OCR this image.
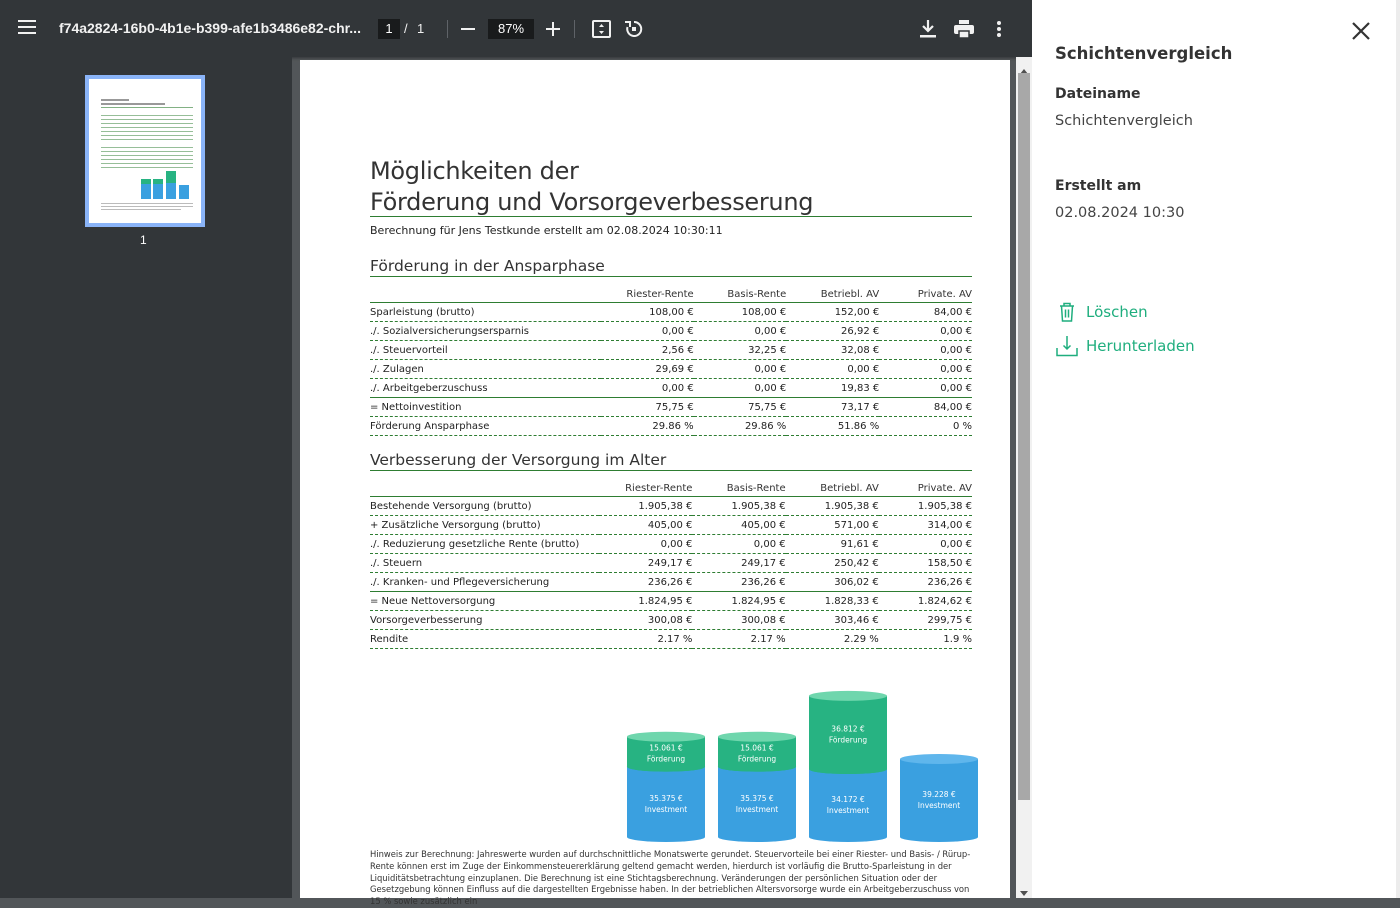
f74a2824-16b0-4b1e-b399-afe1b3486e82-chr...	1 / 1	87%
1
Möglichkeiten der
Förderung und Vorsorgeverbesserung
Berechnung für Jens Testkunde erstellt am 02.08.2024 10:30:11
Förderung in der Ansparphase
	Riester-Rente	Basis-Rente	Betriebl. AV	Private. AV
Sparleistung (brutto)	108,00 €	108,00 €	152,00 €	84,00 €
./. Sozialversicherungsersparnis	0,00 €	0,00 €	26,92 €	0,00 €
./. Steuervorteil	2,56 €	32,25 €	32,08 €	0,00 €
./. Zulagen	29,69 €	0,00 €	0,00 €	0,00 €
./. Arbeitgeberzuschuss	0,00 €	0,00 €	19,83 €	0,00 €
= Nettoinvestition	75,75 €	75,75 €	73,17 €	84,00 €
Förderung Ansparphase	29.86 %	29.86 %	51.86 %	0 %
Verbesserung der Versorgung im Alter
	Riester-Rente	Basis-Rente	Betriebl. AV	Private. AV
Bestehende Versorgung (brutto)	1.905,38 €	1.905,38 €	1.905,38 €	1.905,38 €
+ Zusätzliche Versorgung (brutto)	405,00 €	405,00 €	571,00 €	314,00 €
./. Reduzierung gesetzliche Rente (brutto)	0,00 €	0,00 €	91,61 €	0,00 €
./. Steuern	249,17 €	249,17 €	250,42 €	158,50 €
./. Kranken- und Pflegeversicherung	236,26 €	236,26 €	306,02 €	236,26 €
= Neue Nettoversorgung	1.824,95 €	1.824,95 €	1.828,33 €	1.824,62 €
Vorsorgeverbesserung	300,08 €	300,08 €	303,46 €	299,75 €
Rendite	2.17 %	2.17 %	2.29 %	1.9 %
15.061 €
Förderung
35.375 €
Investment
15.061 €
Förderung
35.375 €
Investment
36.812 €
Förderung
34.172 €
Investment
39.228 €
Investment
Hinweis zur Berechnung: Jahreswerte wurden auf durchschnittliche Monatswerte gerundet. Steuervorteile bei einer Riester- und Basis- / Rürup-Rente können erst im Zuge der Einkommensteuererklärung geltend gemacht werden, hierdurch ist vorläufig die Brutto-Sparleistung in der Liquiditätsbetrachtung einzuplanen. Die Berechnung ist eine Stichtagsberechnung. Veränderungen der persönlichen Situation oder der Gesetzgebung können Einfluss auf die dargestellten Ergebnisse haben. In der betrieblichen Altersvorsorge wurde ein Arbeitgeberzuschuss von 15 % sowie zusätzlich ein
Schichtenvergleich
Dateiname
Schichtenvergleich
Erstellt am
02.08.2024 10:30
Löschen
Herunterladen
